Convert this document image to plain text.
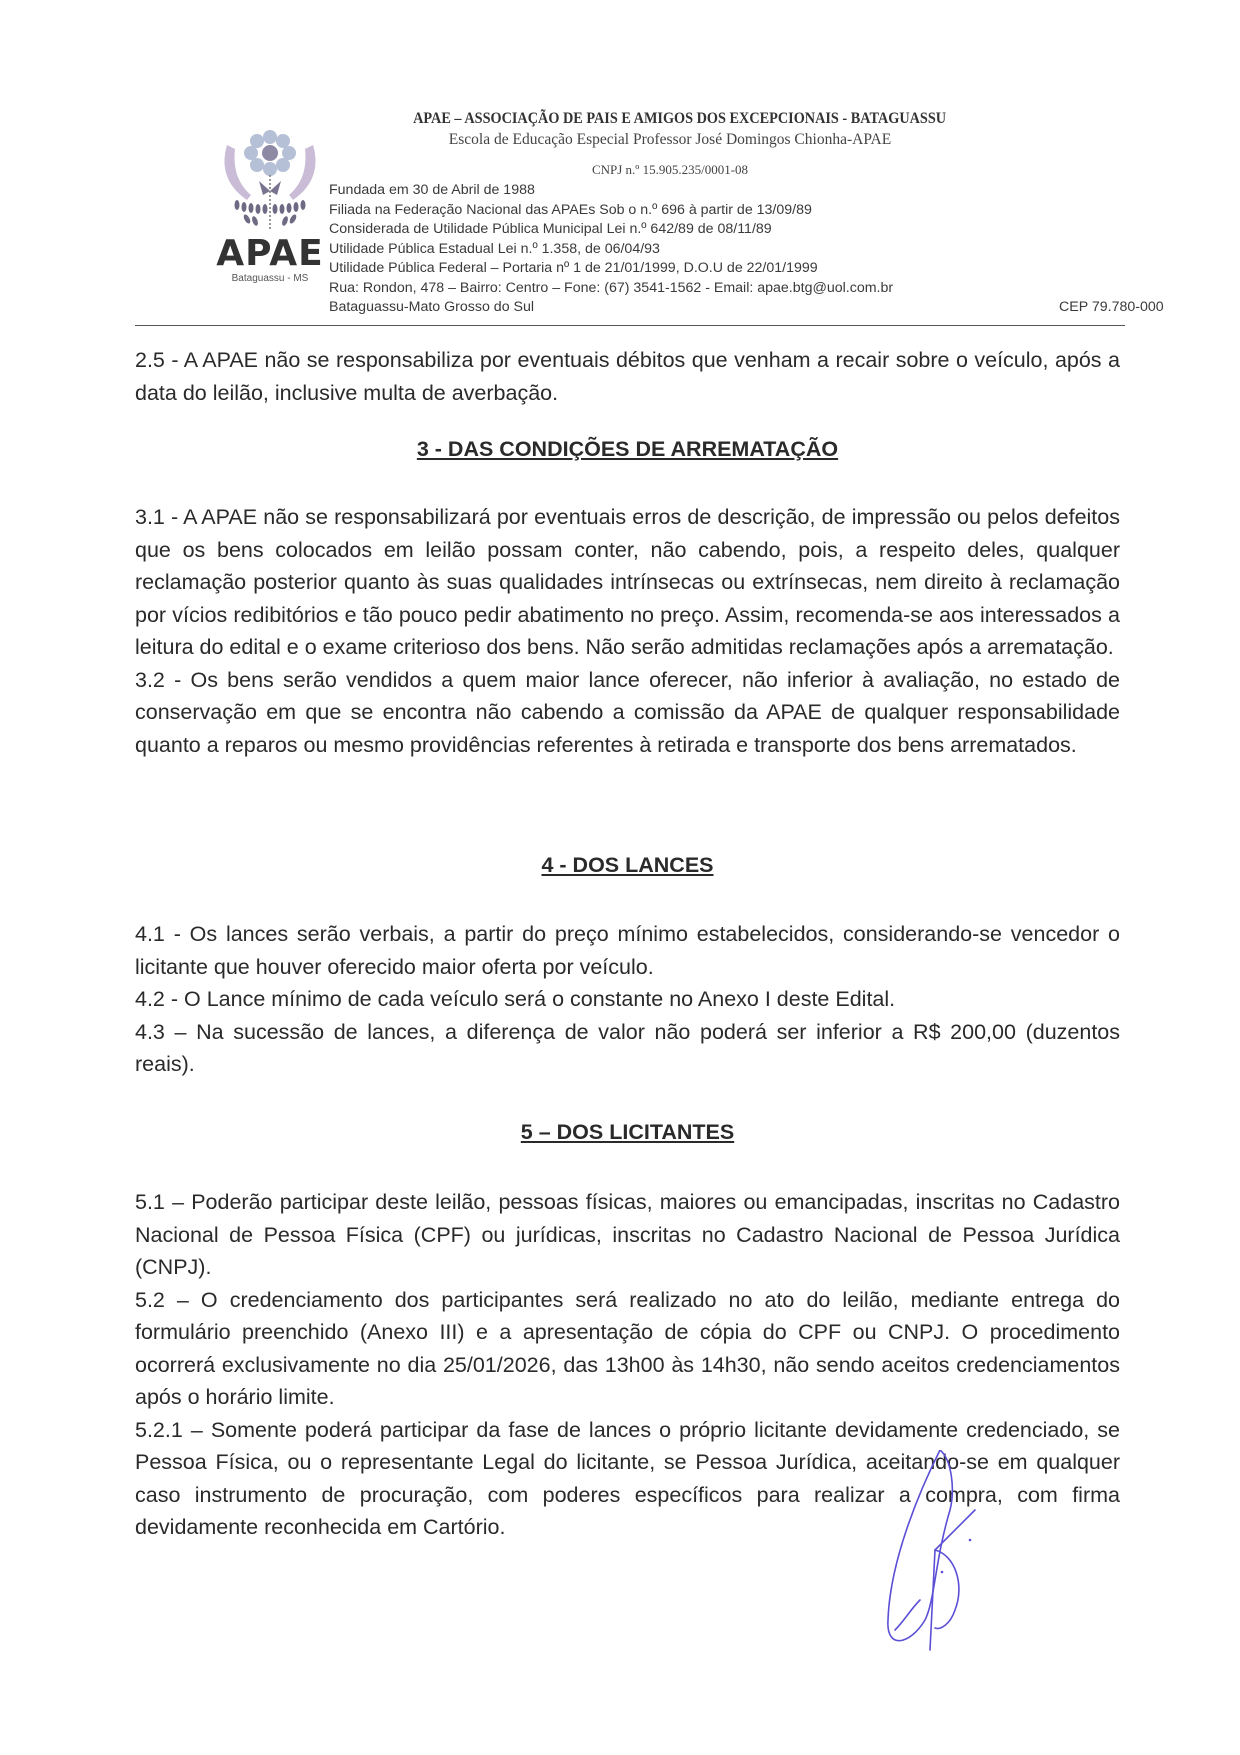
APAE
Bataguassu - MS
APAE – ASSOCIAÇÃO DE PAIS E AMIGOS DOS EXCEPCIONAIS - BATAGUASSU
Escola de Educação Especial Professor José Domingos Chionha-APAE
CNPJ n.º 15.905.235/0001-08
Fundada em 30 de Abril de 1988
Filiada na Federação Nacional das APAEs Sob o n.º 696 à partir de 13/09/89
Considerada de Utilidade Pública Municipal Lei n.º 642/89 de 08/11/89
Utilidade Pública Estadual Lei n.º 1.358, de 06/04/93
Utilidade Pública Federal – Portaria nº 1 de 21/01/1999, D.O.U de 22/01/1999
Rua: Rondon, 478 – Bairro: Centro – Fone: (67) 3541-1562 - Email: apae.btg@uol.com.br
Bataguassu-Mato Grosso do Sul	CEP 79.780-000

2.5 - A APAE não se responsabiliza por eventuais débitos que venham a recair sobre o veículo, após a data do leilão, inclusive multa de averbação.

3 - DAS CONDIÇÕES DE ARREMATAÇÃO

3.1 - A APAE não se responsabilizará por eventuais erros de descrição, de impressão ou pelos defeitos que os bens colocados em leilão possam conter, não cabendo, pois, a respeito deles, qualquer reclamação posterior quanto às suas qualidades intrínsecas ou extrínsecas, nem direito à reclamação por vícios redibitórios e tão pouco pedir abatimento no preço. Assim, recomenda-se aos interessados a leitura do edital e o exame criterioso dos bens. Não serão admitidas reclamações após a arrematação.

3.2 - Os bens serão vendidos a quem maior lance oferecer, não inferior à avaliação, no estado de conservação em que se encontra não cabendo a comissão da APAE de qualquer responsabilidade quanto a reparos ou mesmo providências referentes à retirada e transporte dos bens arrematados.

4 - DOS LANCES

4.1 - Os lances serão verbais, a partir do preço mínimo estabelecidos, considerando-se vencedor o licitante que houver oferecido maior oferta por veículo.

4.2 - O Lance mínimo de cada veículo será o constante no Anexo I deste Edital.

4.3 – Na sucessão de lances, a diferença de valor não poderá ser inferior a R$ 200,00 (duzentos reais).

5 – DOS LICITANTES

5.1 – Poderão participar deste leilão, pessoas físicas, maiores ou emancipadas, inscritas no Cadastro Nacional de Pessoa Física (CPF) ou jurídicas, inscritas no Cadastro Nacional de Pessoa Jurídica (CNPJ).

5.2 – O credenciamento dos participantes será realizado no ato do leilão, mediante entrega do formulário preenchido (Anexo III) e a apresentação de cópia do CPF ou CNPJ. O procedimento ocorrerá exclusivamente no dia 25/01/2026, das 13h00 às 14h30, não sendo aceitos credenciamentos após o horário limite.

5.2.1 – Somente poderá participar da fase de lances o próprio licitante devidamente credenciado, se Pessoa Física, ou o representante Legal do licitante, se Pessoa Jurídica, aceitando-se em qualquer caso instrumento de procuração, com poderes específicos para realizar a compra, com firma devidamente reconhecida em Cartório.
